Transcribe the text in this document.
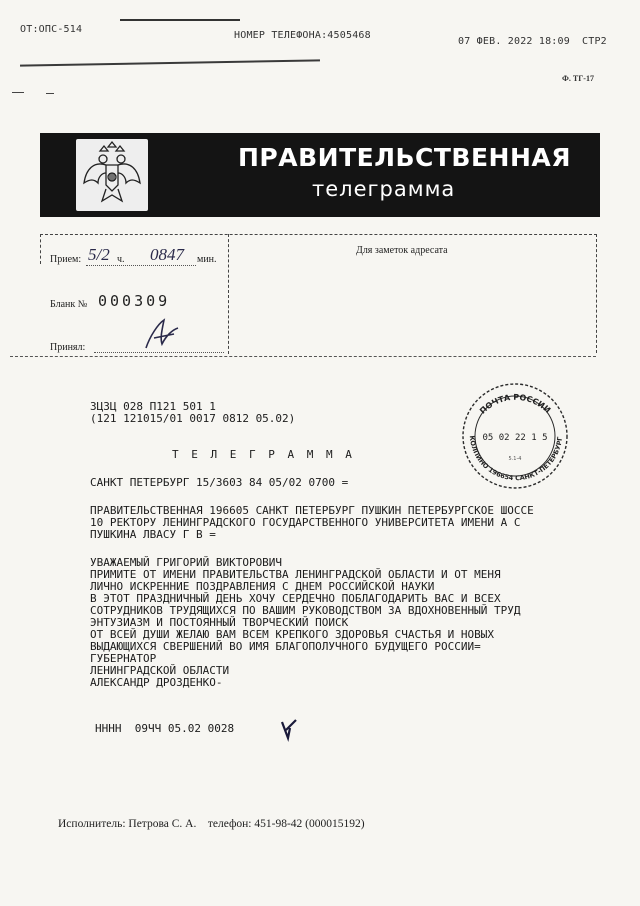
ОТ:ОПС-514
НОМЕР ТЕЛЕФОНА:4505468
07 ФЕВ. 2022 18:09 СТР2
Ф. ТГ-17
ПРАВИТЕЛЬСТВЕННАЯ
телеграмма
Прием: 5/2 ч. 0847 мин.
Бланк № 000309
Принял:
Для заметок адресата
ЗЦЗЦ 028 П121 501 1
(121 121015/01 0017 0812 05.02)
Т Е Л Е Г Р А М М А
САНКТ ПЕТЕРБУРГ 15/3603 84 05/02 0700 =
ПРАВИТЕЛЬСТВЕННАЯ 196605 САНКТ ПЕТЕРБУРГ ПУШКИН ПЕТЕРБУРГСКОЕ ШОССЕ
10 РЕКТОРУ ЛЕНИНГРАДСКОГО ГОСУДАРСТВЕННОГО УНИВЕРСИТЕТА ИМЕНИ А С
ПУШКИНА ЛВАСУ Г В =
УВАЖАЕМЫЙ ГРИГОРИЙ ВИКТОРОВИЧ
ПРИМИТЕ ОТ ИМЕНИ ПРАВИТЕЛЬСТВА ЛЕНИНГРАДСКОЙ ОБЛАСТИ И ОТ МЕНЯ
ЛИЧНО ИСКРЕННИЕ ПОЗДРАВЛЕНИЯ С ДНЕМ РОССИЙСКОЙ НАУКИ
В ЭТОТ ПРАЗДНИЧНЫЙ ДЕНЬ ХОЧУ СЕРДЕЧНО ПОБЛАГОДАРИТЬ ВАС И ВСЕХ
СОТРУДНИКОВ ТРУДЯЩИХСЯ ПО ВАШИМ РУКОВОДСТВОМ ЗА ВДОХНОВЕННЫЙ ТРУД
ЭНТУЗИАЗМ И ПОСТОЯННЫЙ ТВОРЧЕСКИЙ ПОИСК
ОТ ВСЕЙ ДУШИ ЖЕЛАЮ ВАМ ВСЕМ КРЕПКОГО ЗДОРОВЬЯ СЧАСТЬЯ И НОВЫХ
ВЫДАЮЩИХСЯ СВЕРШЕНИЙ ВО ИМЯ БЛАГОПОЛУЧНОГО БУДУЩЕГО РОССИИ=
ГУБЕРНАТОР
ЛЕНИНГРАДСКОЙ ОБЛАСТИ
АЛЕКСАНДР ДРОЗДЕНКО-
НННН  09ЧЧ 05.02 0028
ПОЧТА РОССИИ
КОЛПИНО 196654 САНКТ-ПЕТЕРБУРГ
05 02 22 1 5
5.1-4
Исполнитель: Петрова С. А.    телефон: 451-98-42 (000015192)
